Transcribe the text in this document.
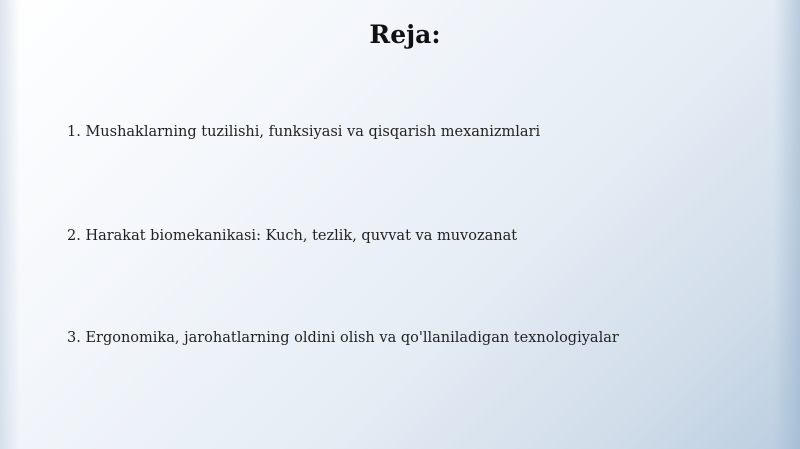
Reja:
1. Mushaklarning tuzilishi, funksiyasi va qisqarish mexanizmlari
2. Harakat biomekanikasi: Kuch, tezlik, quvvat va muvozanat
3. Ergonomika, jarohatlarning oldini olish va qo'llaniladigan texnologiyalar
